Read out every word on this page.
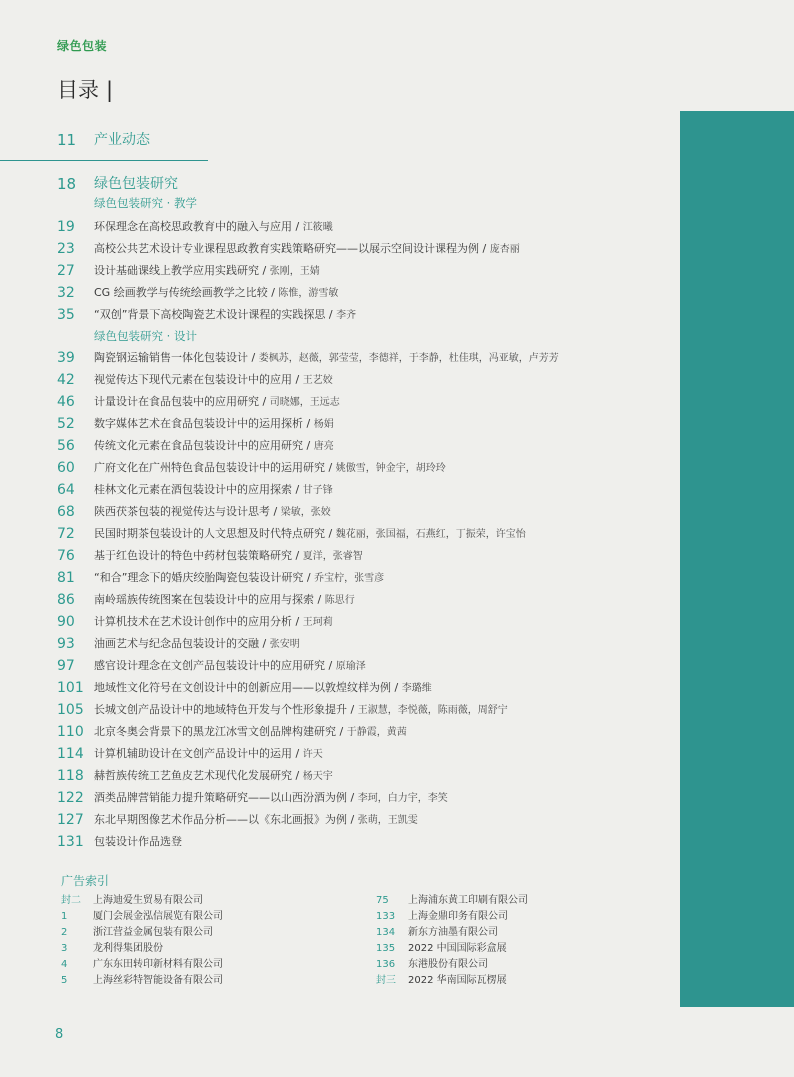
绿色包装
目录 |
11	产业动态
18	绿色包装研究
绿色包装研究 · 教学
绿色包装研究 · 设计
19	环保理念在高校思政教育中的融入与应用 / 江筱曦
23	高校公共艺术设计专业课程思政教育实践策略研究——以展示空间设计课程为例 / 庞杏丽
27	设计基础课线上教学应用实践研究 / 张刚，王婧
32	CG 绘画教学与传统绘画教学之比较 / 陈惟，游雪敏
35	“双创”背景下高校陶瓷艺术设计课程的实践探思 / 李齐
39	陶瓷钢运输销售一体化包装设计 / 娄枫苏，赵薇，郭莹莹，李德祥，于李静，杜佳琪，冯亚敏，卢芳芳
42	视觉传达下现代元素在包装设计中的应用 / 王艺姣
46	计量设计在食品包装中的应用研究 / 司晓娜，王远志
52	数字媒体艺术在食品包装设计中的运用探析 / 杨娟
56	传统文化元素在食品包装设计中的应用研究 / 唐亮
60	广府文化在广州特色食品包装设计中的运用研究 / 姚傲雪，钟金宇，胡玲玲
64	桂林文化元素在酒包装设计中的应用探索 / 甘子锋
68	陕西茯茶包装的视觉传达与设计思考 / 梁敏，张姣
72	民国时期茶包装设计的人文思想及时代特点研究 / 魏花丽，张国福，石燕红，丁振荣，许宝怡
76	基于红色设计的特色中药材包装策略研究 / 夏洋，张睿智
81	“和合”理念下的婚庆绞胎陶瓷包装设计研究 / 乔宝柠，张雪彦
86	南岭瑶族传统图案在包装设计中的应用与探索 / 陈思行
90	计算机技术在艺术设计创作中的应用分析 / 王珂莉
93	油画艺术与纪念品包装设计的交融 / 张安明
97	感官设计理念在文创产品包装设计中的应用研究 / 原瑜泽
101 地域性文化符号在文创设计中的创新应用——以敦煌纹样为例 / 李璐维
105 长城文创产品设计中的地域特色开发与个性形象提升 / 王淑慧，李悦薇，陈雨薇，周舒宁
110 北京冬奥会背景下的黑龙江冰雪文创品牌构建研究 / 于静霞，黄茜
114 计算机辅助设计在文创产品设计中的运用 / 许天
118 赫哲族传统工艺鱼皮艺术现代化发展研究 / 杨天宇
122 酒类品牌营销能力提升策略研究——以山西汾酒为例 / 李珂，白力宇，李笑
127 东北早期图像艺术作品分析——以《东北画报》为例 / 张萌，王凯雯
131 包装设计作品选登
广告索引
封二 上海迪爱生贸易有限公司
1	厦门会展金泓信展览有限公司
2	浙江营益金属包装有限公司
3	龙利得集团股份
4	广东东田转印新材料有限公司
5	上海丝彩特智能设备有限公司
75 上海浦东黄工印刷有限公司
133 上海金鼎印务有限公司
134 新东方油墨有限公司
135 2022 中国国际彩盒展
136 东港股份有限公司
封三 2022 华南国际瓦楞展
8
